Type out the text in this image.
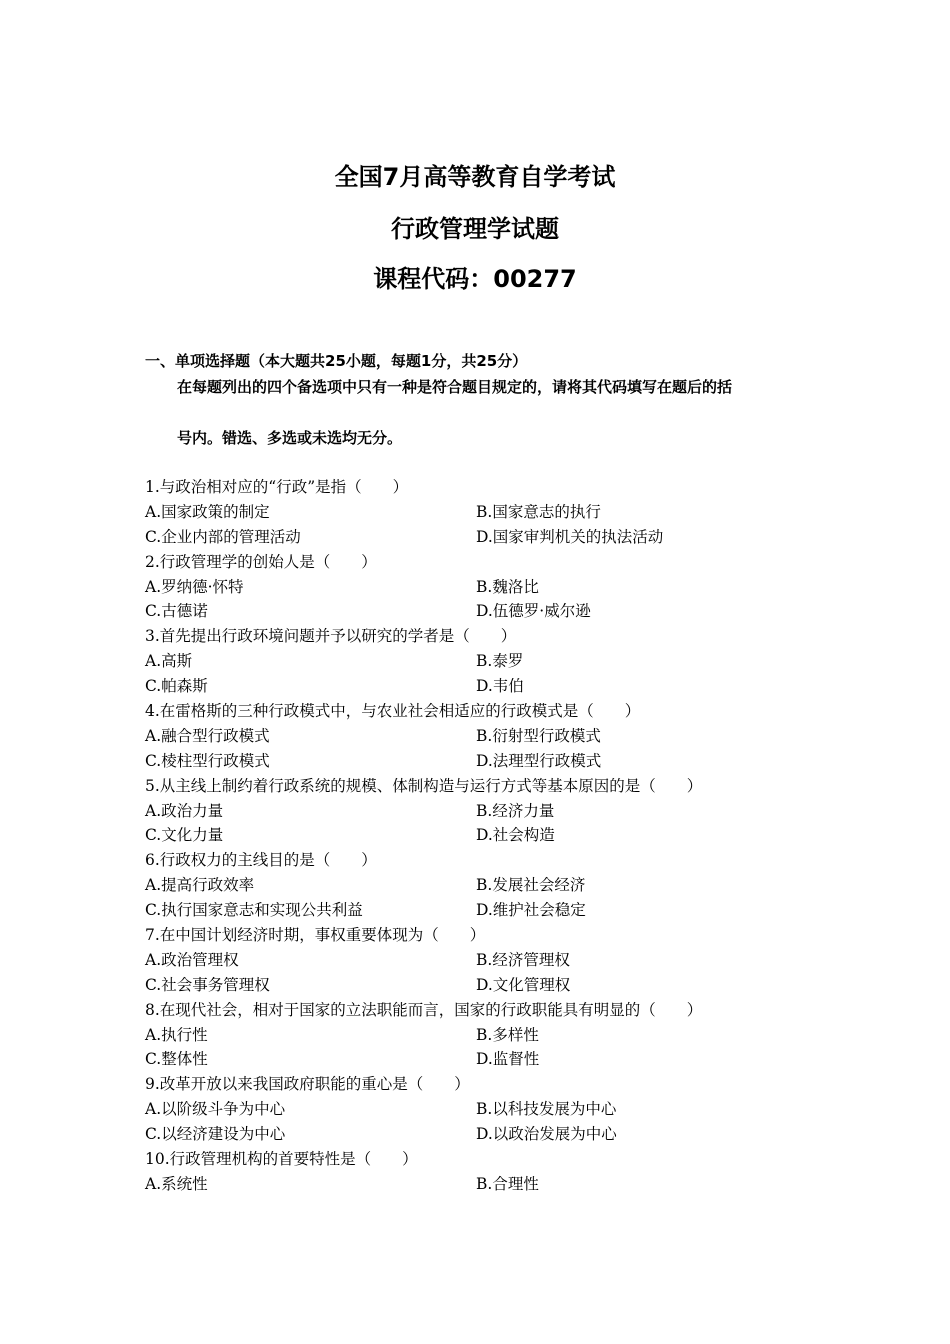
全国7月高等教育自学考试
行政管理学试题
课程代码：00277
一、单项选择题（本大题共25小题，每题1分，共25分）
在每题列出的四个备选项中只有一种是符合题目规定的，请将其代码填写在题后的括
号内。错选、多选或未选均无分。
1.与政治相对应的“行政”是指（　　）
A.国家政策的制定	B.国家意志的执行
C.企业内部的管理活动	D.国家审判机关的执法活动
2.行政管理学的创始人是（　　）
A.罗纳德·怀特	B.魏洛比
C.古德诺	D.伍德罗·威尔逊
3.首先提出行政环境问题并予以研究的学者是（　　）
A.高斯	B.泰罗
C.帕森斯	D.韦伯
4.在雷格斯的三种行政模式中，与农业社会相适应的行政模式是（　　）
A.融合型行政模式	B.衍射型行政模式
C.棱柱型行政模式	D.法理型行政模式
5.从主线上制约着行政系统的规模、体制构造与运行方式等基本原因的是（　　）
A.政治力量	B.经济力量
C.文化力量	D.社会构造
6.行政权力的主线目的是（　　）
A.提高行政效率	B.发展社会经济
C.执行国家意志和实现公共利益	D.维护社会稳定
7.在中国计划经济时期，事权重要体现为（　　）
A.政治管理权	B.经济管理权
C.社会事务管理权	D.文化管理权
8.在现代社会，相对于国家的立法职能而言，国家的行政职能具有明显的（　　）
A.执行性	B.多样性
C.整体性	D.监督性
9.改革开放以来我国政府职能的重心是（　　）
A.以阶级斗争为中心	B.以科技发展为中心
C.以经济建设为中心	D.以政治发展为中心
10.行政管理机构的首要特性是（　　）
A.系统性	B.合理性
